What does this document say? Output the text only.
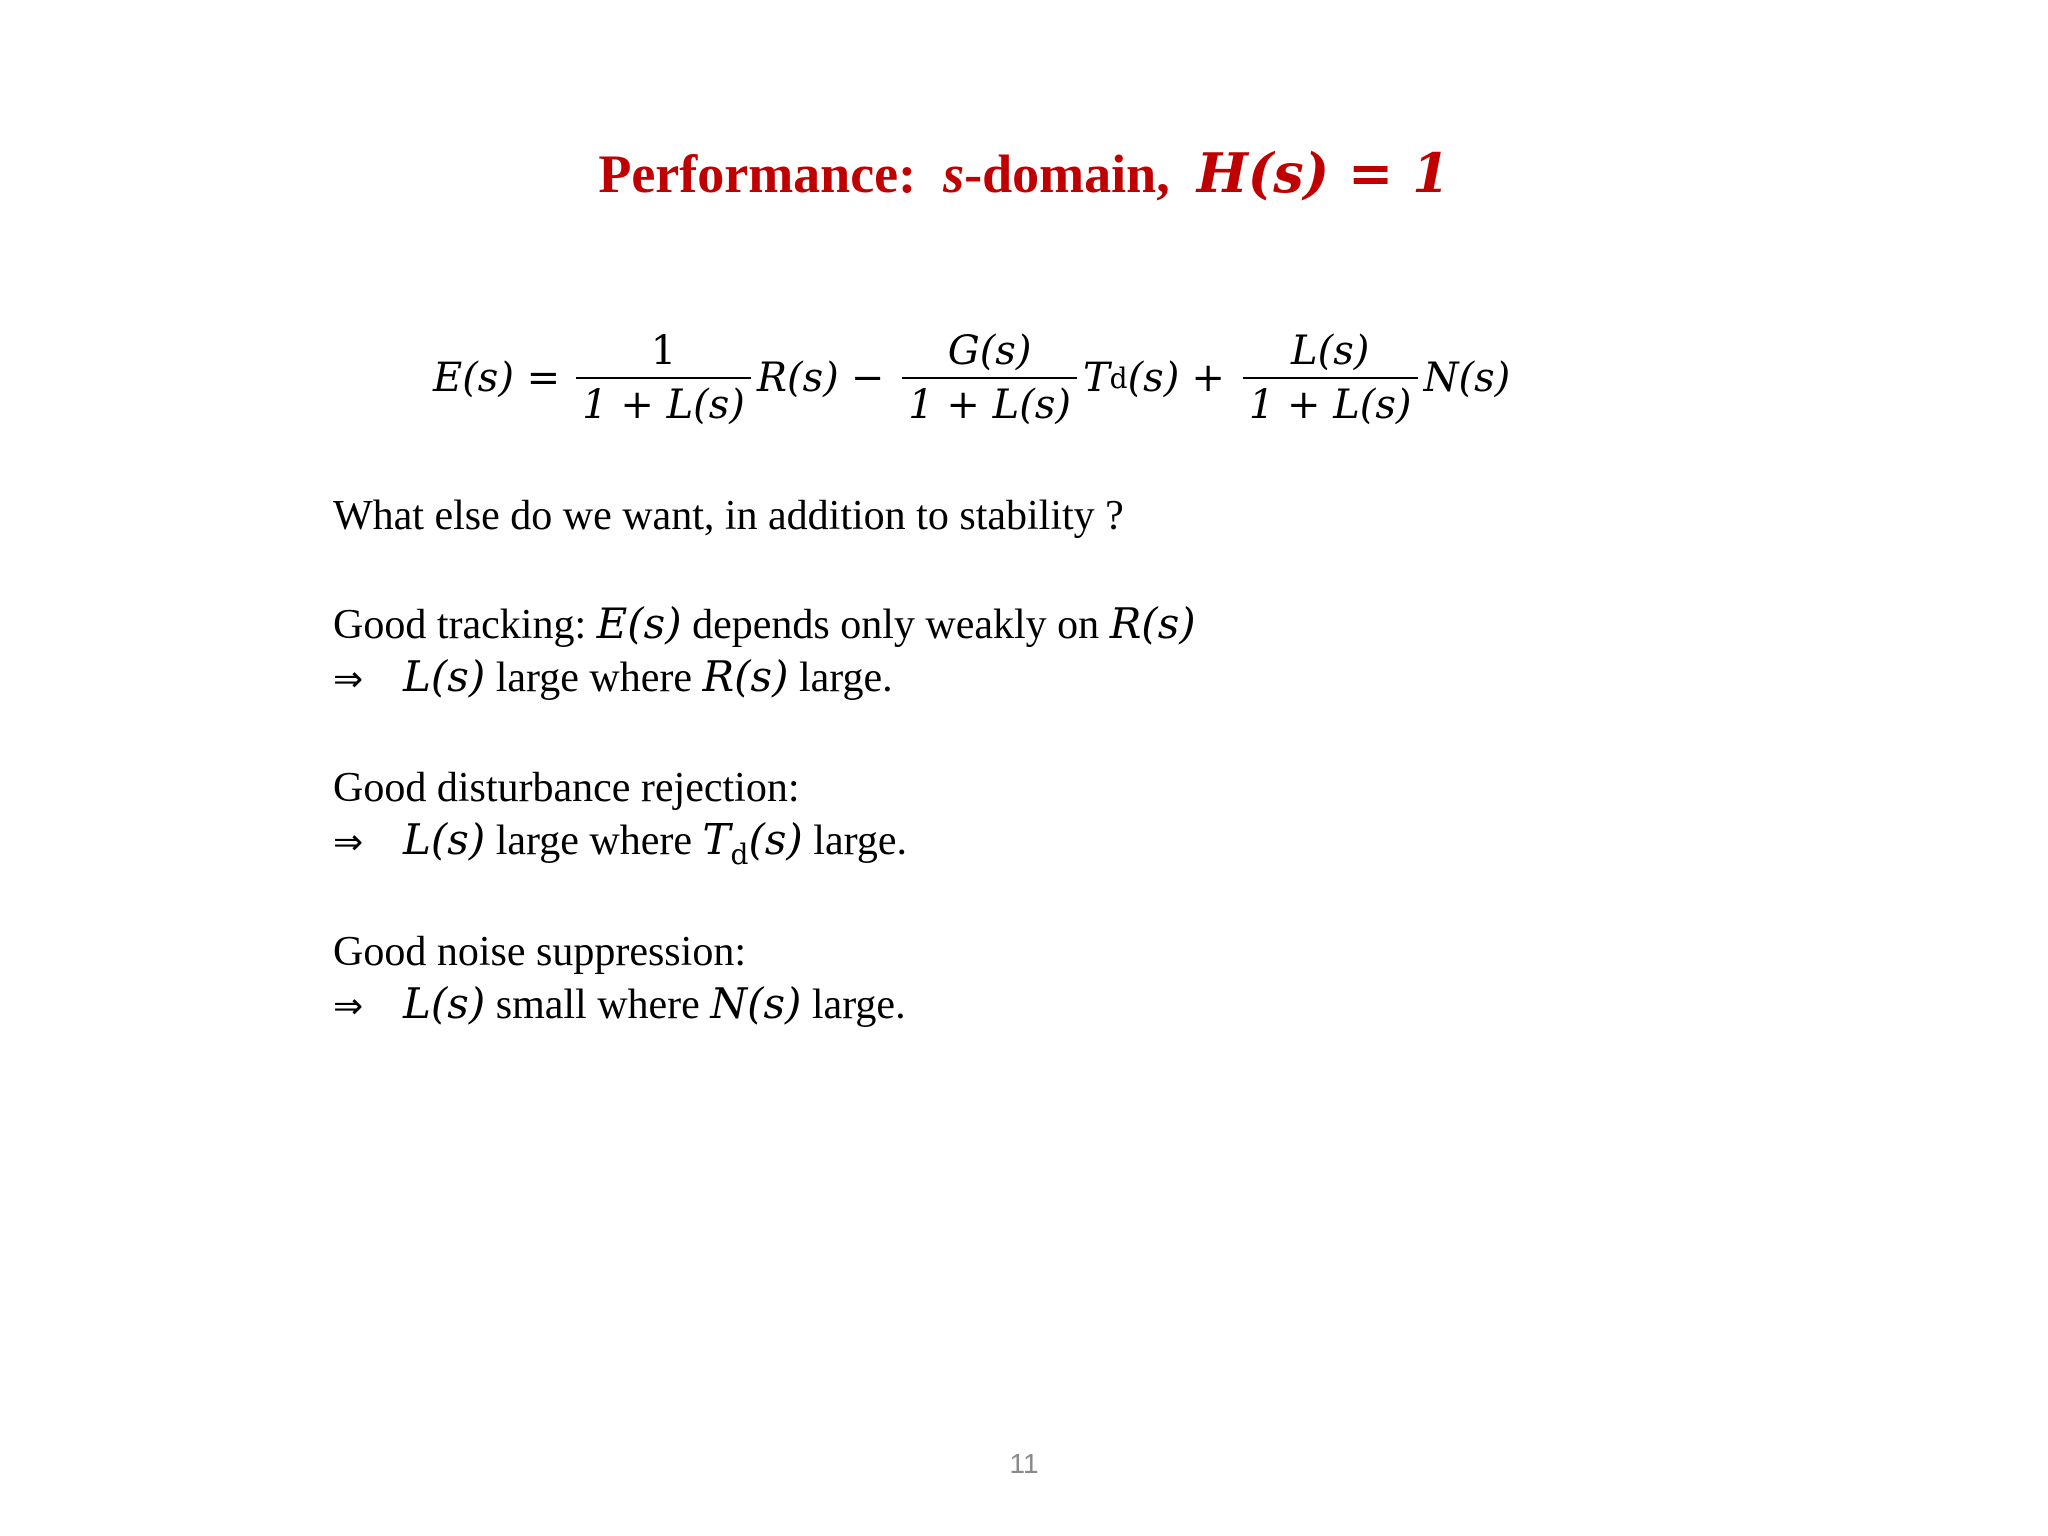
Performance: s-domain, H(s) = 1
$E(s) = \frac{1}{1 + L(s)} R(s) - \frac{G(s)}{1 + L(s)}$ T d $(s) + \frac{L(s)}{1 + L(s)} N(s)$
What else do we want, in addition to stability ?
Good tracking: E(s) depends only weakly on R(s)
⇒ L(s) large where R(s) large.
Good disturbance rejection:
⇒ L(s) large where $T_d(s)$ large.
Good noise suppression:
⇒ L(s) small where N(s) large.
11
